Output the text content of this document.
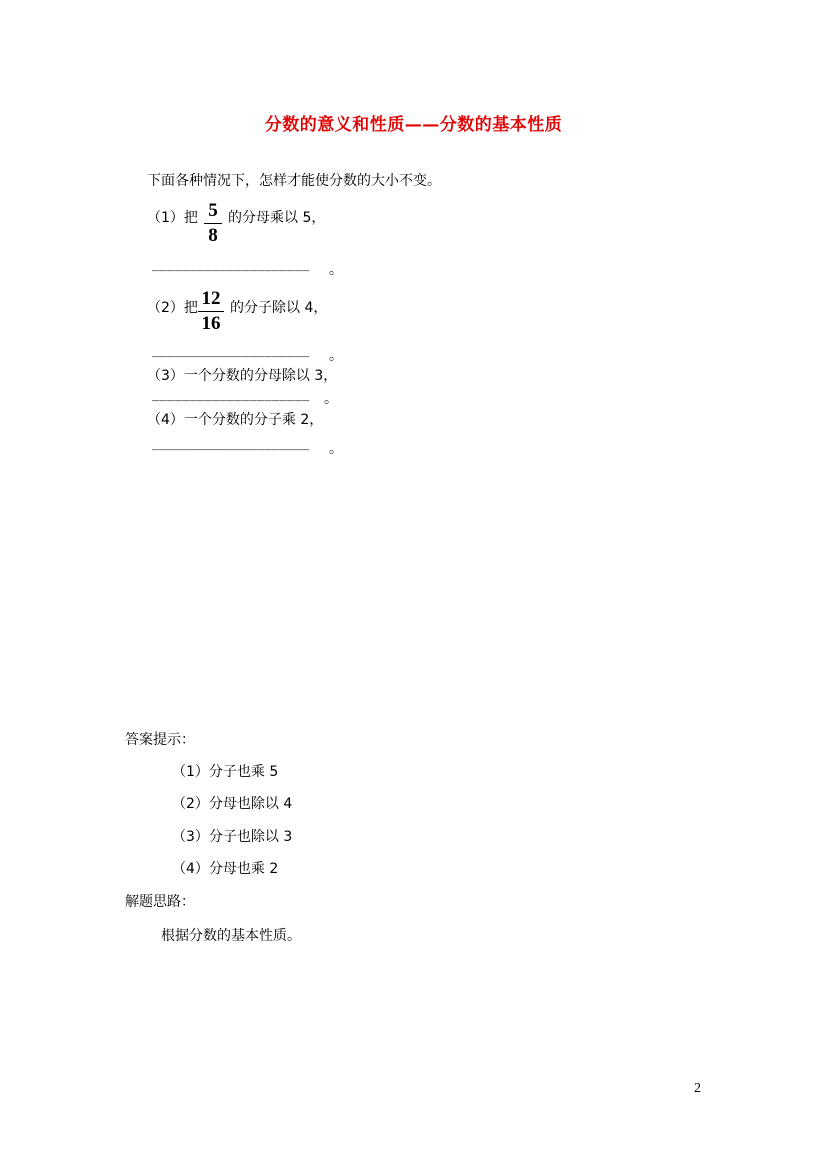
分数的意义和性质——分数的基本性质
下面各种情况下，怎样才能使分数的大小不变。
（1）把 5
8
的分母乘以 5，
_____________________ 。
（2）把 12
16
的分子除以 4，
_____________________ 。
（3）一个分数的分母除以 3，
_____________________ 。
（4）一个分数的分子乘 2，
_____________________ 。
答案提示：
（1）分子也乘 5
（2）分母也除以 4
（3）分子也除以 3
（4）分母也乘 2
解题思路：
根据分数的基本性质。
2
